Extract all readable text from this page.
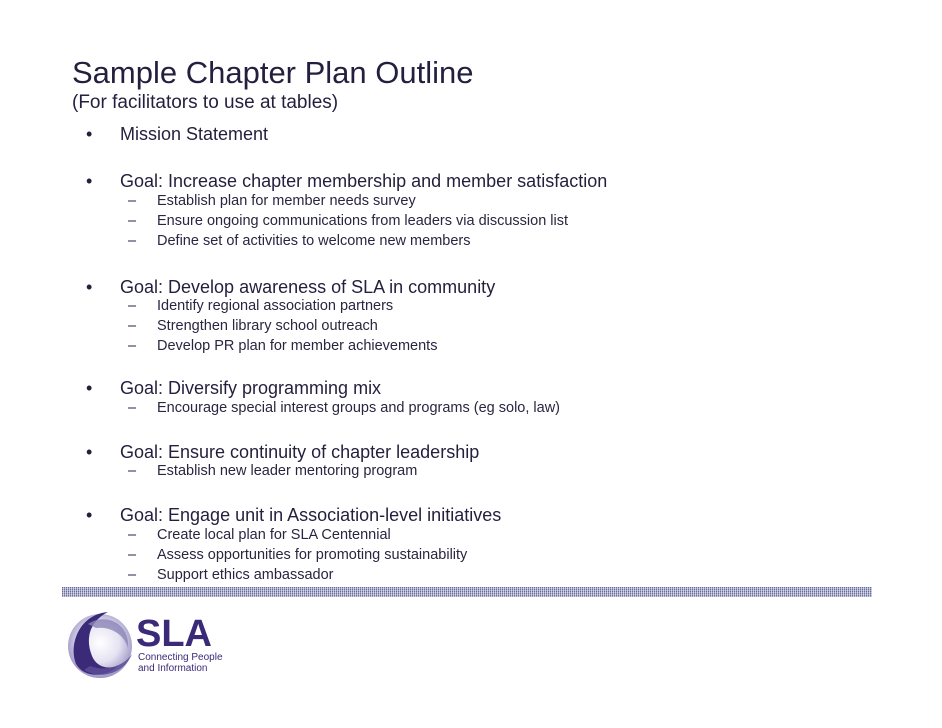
Sample Chapter Plan Outline
(For facilitators to use at tables)
• Mission Statement
• Goal: Increase chapter membership and member satisfaction
– Establish plan for member needs survey
– Ensure ongoing communications from leaders via discussion list
– Define set of activities to welcome new members
• Goal: Develop awareness of SLA in community
– Identify regional association partners
– Strengthen library school outreach
– Develop PR plan for member achievements
• Goal: Diversify programming mix
– Encourage special interest groups and programs (eg solo, law)
• Goal: Ensure continuity of chapter leadership
– Establish new leader mentoring program
• Goal: Engage unit in Association-level initiatives
– Create local plan for SLA Centennial
– Assess opportunities for promoting sustainability
– Support ethics ambassador
SLA
Connecting People
and Information
